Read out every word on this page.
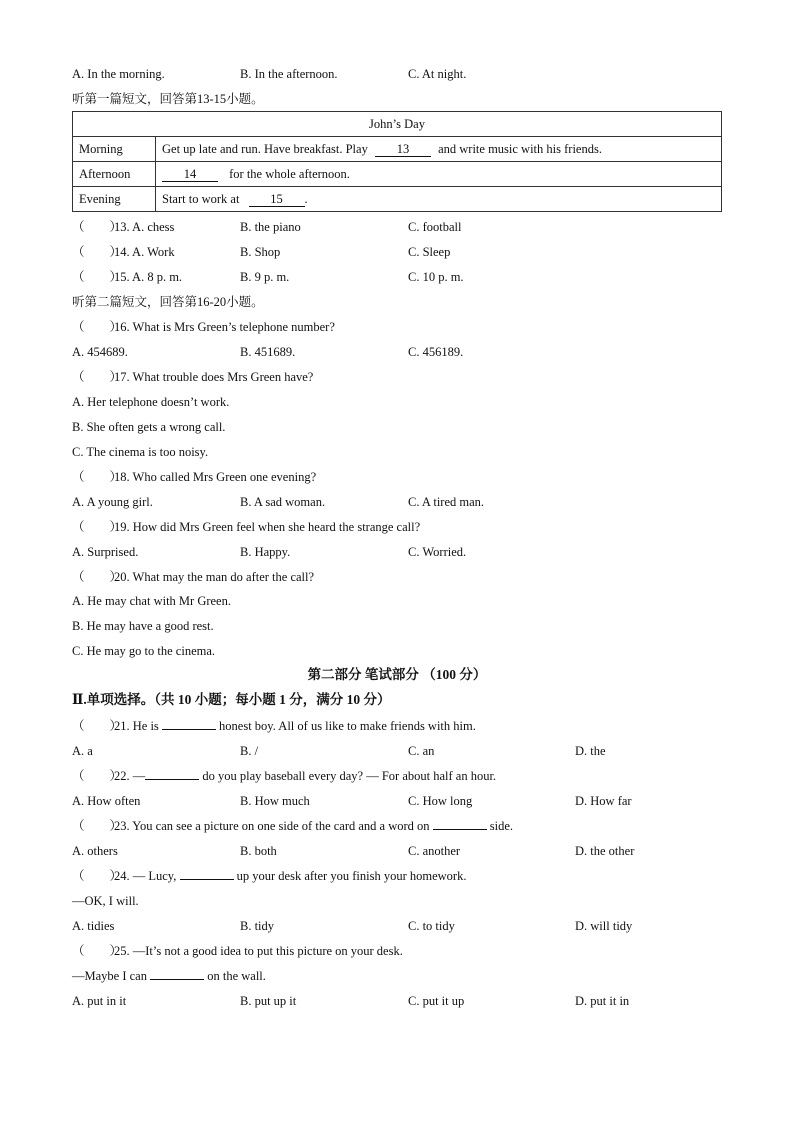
A. In the morning.	B. In the afternoon.	C. At night.
听第一篇短文，回答第13-15小题。
John’s Day	
Morning	Get up late and run. Have breakfast. Play 13 and write music with his friends.
Afternoon	14 for the whole afternoon.
Evening	Start to work at 15 .
（　　）13. A. chess	B. the piano	C. football
（　　）14. A. Work	B. Shop	C. Sleep
（　　）15. A. 8 p. m.	B. 9 p. m.	C. 10 p. m.
听第二篇短文，回答第16-20小题。
（　　）16. What is Mrs Green’s telephone number?
A. 454689.	B. 451689.	C. 456189.
（　　）17. What trouble does Mrs Green have?
A. Her telephone doesn’t work.
B. She often gets a wrong call.
C. The cinema is too noisy.
（　　）18. Who called Mrs Green one evening?
A. A young girl.	B. A sad woman.	C. A tired man.
（　　）19. How did Mrs Green feel when she heard the strange call?
A. Surprised.	B. Happy.	C. Worried.
（　　）20. What may the man do after the call?
A. He may chat with Mr Green.
B. He may have a good rest.
C. He may go to the cinema.
第二部分 笔试部分 （100 分）
Ⅱ.单项选择。（共 10 小题；每小题 1 分，满分 10 分）
（　　）21. He is	honest boy. All of us like to make friends with him.
A. a	B. /	C. an	D. the
（　　）22. —	do you play baseball every day? — For about half an hour.
A. How often	B. How much	C. How long	D. How far
（　　）23. You can see a picture on one side of the card and a word on	side.
A. others	B. both	C. another	D. the other
（　　）24. — Lucy,	up your desk after you finish your homework.
—OK, I will.
A. tidies	B. tidy	C. to tidy	D. will tidy
（　　）25. —It’s not a good idea to put this picture on your desk.
—Maybe I can	on the wall.
A. put in it	B. put up it	C. put it up	D. put it in
